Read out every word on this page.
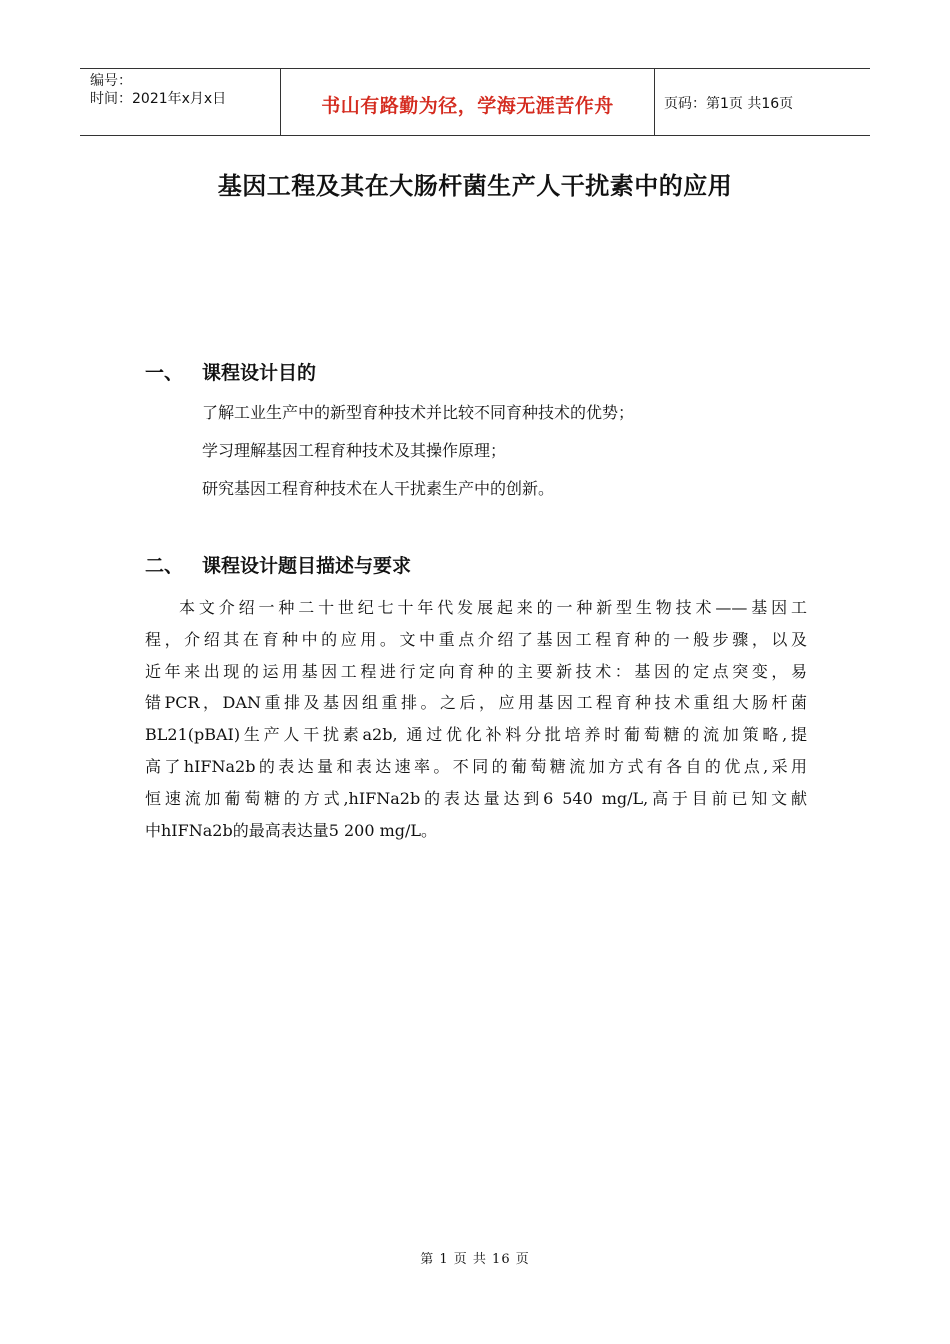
编号：
时间：2021年x月x日	书山有路勤为径，学海无涯苦作舟	页码：第1页 共16页
基因工程及其在大肠杆菌生产人干扰素中的应用
一、 课程设计目的
了解工业生产中的新型育种技术并比较不同育种技术的优势；
学习理解基因工程育种技术及其操作原理；
研究基因工程育种技术在人干扰素生产中的创新。
二、 课程设计题目描述与要求
本文介绍一种二十世纪七十年代发展起来的一种新型生物技术——基因工
程，介绍其在育种中的应用。文中重点介绍了基因工程育种的一般步骤，以及
近年来出现的运用基因工程进行定向育种的主要新技术：基因的定点突变，易
错PCR，DAN重排及基因组重排。之后，应用基因工程育种技术重组大肠杆菌
BL21(pBAI)生产人干扰素a2b, 通过优化补料分批培养时葡萄糖的流加策略,提
高了hIFNa2b的表达量和表达速率。不同的葡萄糖流加方式有各自的优点,采用
恒速流加葡萄糖的方式,hIFNa2b的表达量达到6 540 mg/L,高于目前已知文献
中hIFNa2b的最高表达量5 200 mg/L。
第 1 页 共 16 页
